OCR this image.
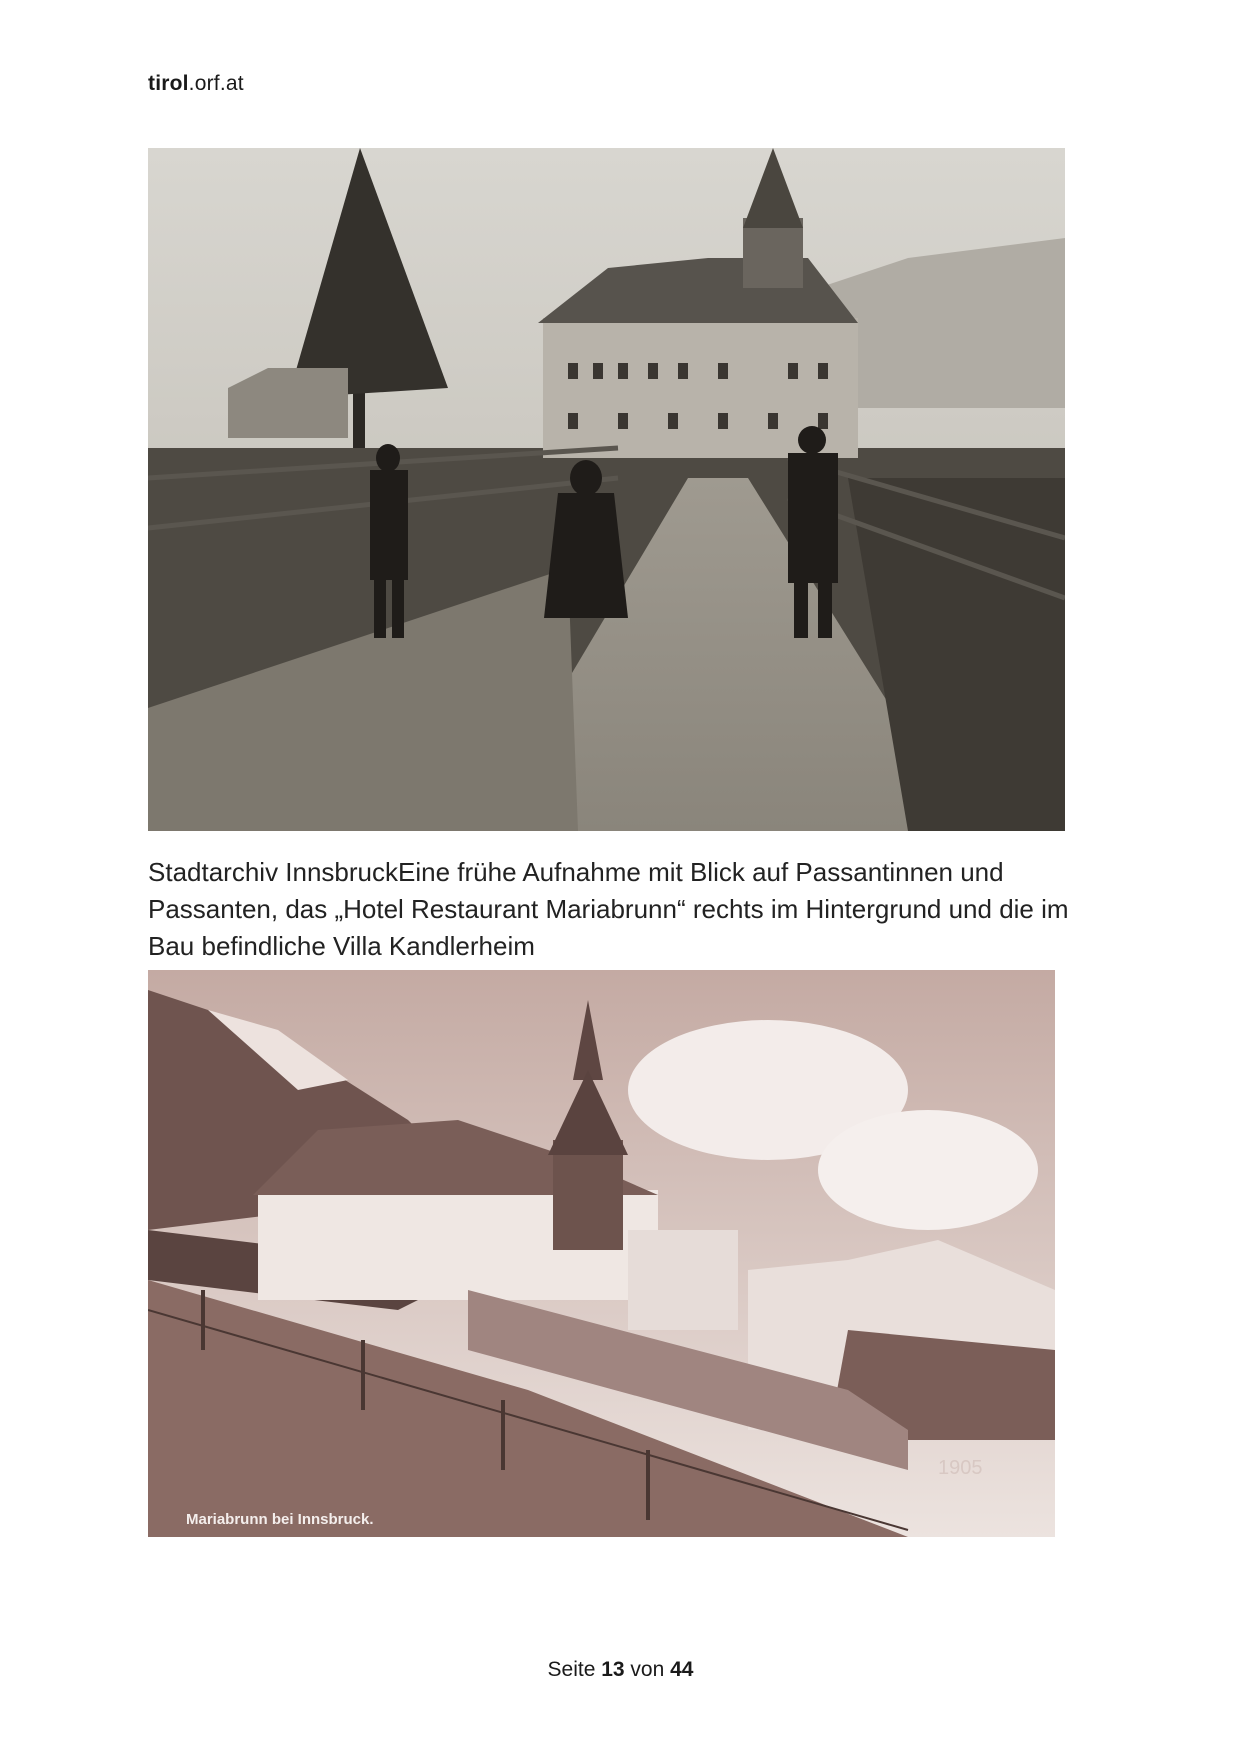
tirol.orf.at
Stadtarchiv InnsbruckEine frühe Aufnahme mit Blick auf Passantinnen und Passanten, das „Hotel Restaurant Mariabrunn“ rechts im Hintergrund und die im Bau befindliche Villa Kandlerheim
Mariabrunn bei Innsbruck.
1905
Seite 13 von 44
